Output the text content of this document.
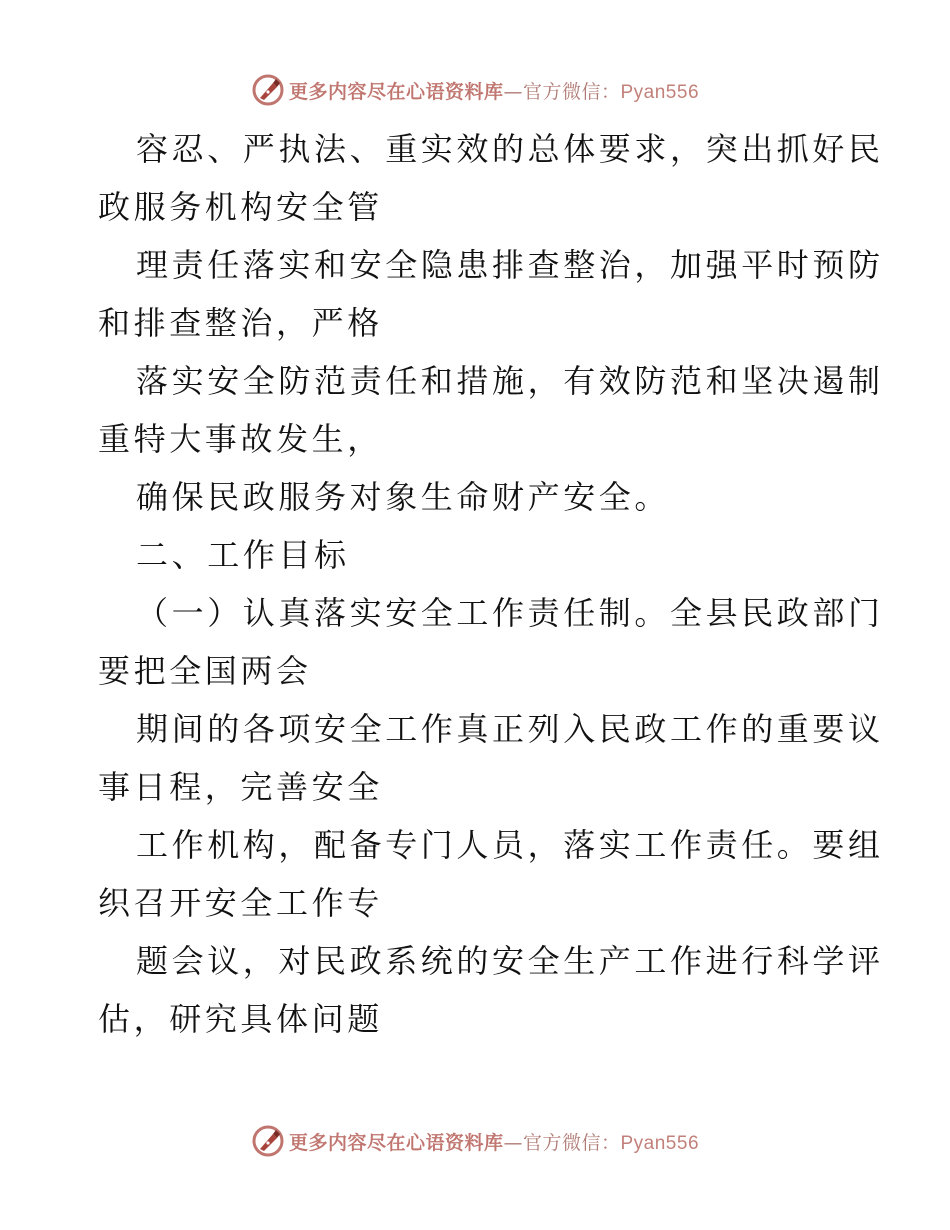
更多内容尽在心语资料库—官方微信：Pyan556
容忍、严执法、重实效的总体要求，突出抓好民
政服务机构安全管
理责任落实和安全隐患排查整治，加强平时预防
和排查整治，严格
落实安全防范责任和措施，有效防范和坚决遏制
重特大事故发生，
确保民政服务对象生命财产安全。
二、工作目标
（一）认真落实安全工作责任制。全县民政部门
要把全国两会
期间的各项安全工作真正列入民政工作的重要议
事日程，完善安全
工作机构，配备专门人员，落实工作责任。要组
织召开安全工作专
题会议，对民政系统的安全生产工作进行科学评
估，研究具体问题
更多内容尽在心语资料库—官方微信：Pyan556
